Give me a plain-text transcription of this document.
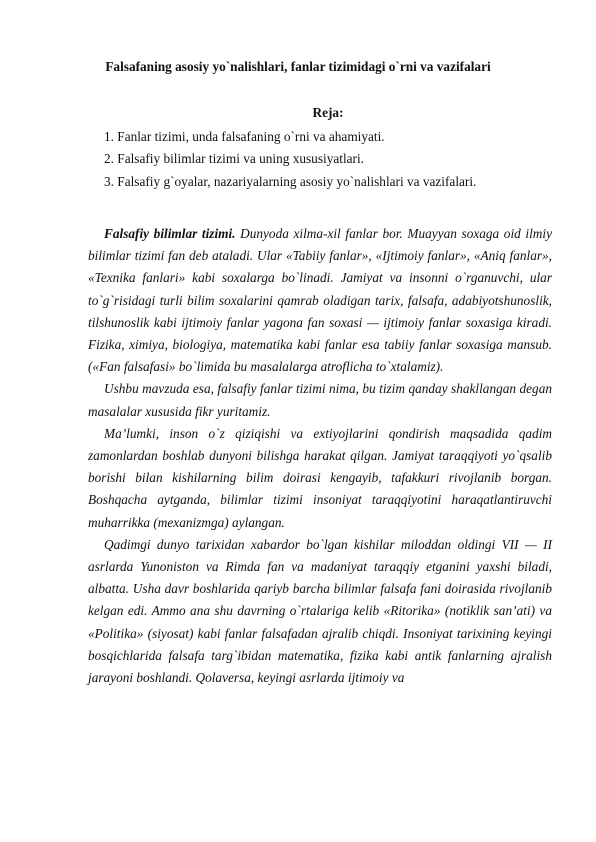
Falsafaning asosiy yo`nalishlari, fanlar tizimidagi o`rni va vazifalari
Reja:
1. Fanlar tizimi, unda falsafaning o`rni va ahamiyati.
2. Falsafiy bilimlar tizimi va uning xususiyatlari.
3. Falsafiy g`oyalar, nazariyalarning asosiy yo`nalishlari va vazifalari.

Falsafiy bilimlar tizimi. Dunyoda xilma-xil fanlar bor. Muayyan soxaga oid ilmiy bilimlar tizimi fan deb ataladi. Ular «Tabiiy fanlar», «Ijtimoiy fanlar», «Aniq fanlar», «Texnika fanlari» kabi soxalarga bo`linadi. Jamiyat va insonni o`rganuvchi, ular to`g`risidagi turli bilim soxalarini qamrab oladigan tarix, falsafa, adabiyotshunoslik, tilshunoslik kabi ijtimoiy fanlar yagona fan soxasi — ijtimoiy fanlar soxasiga kiradi. Fizika, ximiya, biologiya, matematika kabi fanlar esa tabiiy fanlar soxasiga mansub. («Fan falsafasi» bo`limida bu masalalarga atroflicha to`xtalamiz).

Ushbu mavzuda esa, falsafiy fanlar tizimi nima, bu tizim qanday shakllangan degan masalalar xususida fikr yuritamiz.

Ma’lumki, inson o`z qiziqishi va extiyojlarini qondirish maqsadida qadim zamonlardan boshlab dunyoni bilishga harakat qilgan. Jamiyat taraqqiyoti yo`qsalib borishi bilan kishilarning bilim doirasi kengayib, tafakkuri rivojlanib borgan. Boshqacha aytganda, bilimlar tizimi insoniyat taraqqiyotini haraqatlantiruvchi muharrikka (mexanizmga) aylangan.

Qadimgi dunyo tarixidan xabardor bo`lgan kishilar miloddan oldingi VII — II asrlarda Yunoniston va Rimda fan va madaniyat taraqqiy etganini yaxshi biladi, albatta. Usha davr boshlarida qariyb barcha bilimlar falsafa fani doirasida rivojlanib kelgan edi. Ammo ana shu davrning o`rtalariga kelib «Ritorika» (notiklik san’ati) va «Politika» (siyosat) kabi fanlar falsafadan ajralib chiqdi. Insoniyat tarixining keyingi bosqichlarida falsafa targ`ibidan matematika, fizika kabi antik fanlarning ajralish jarayoni boshlandi. Qolaversa, keyingi asrlarda ijtimoiy va
